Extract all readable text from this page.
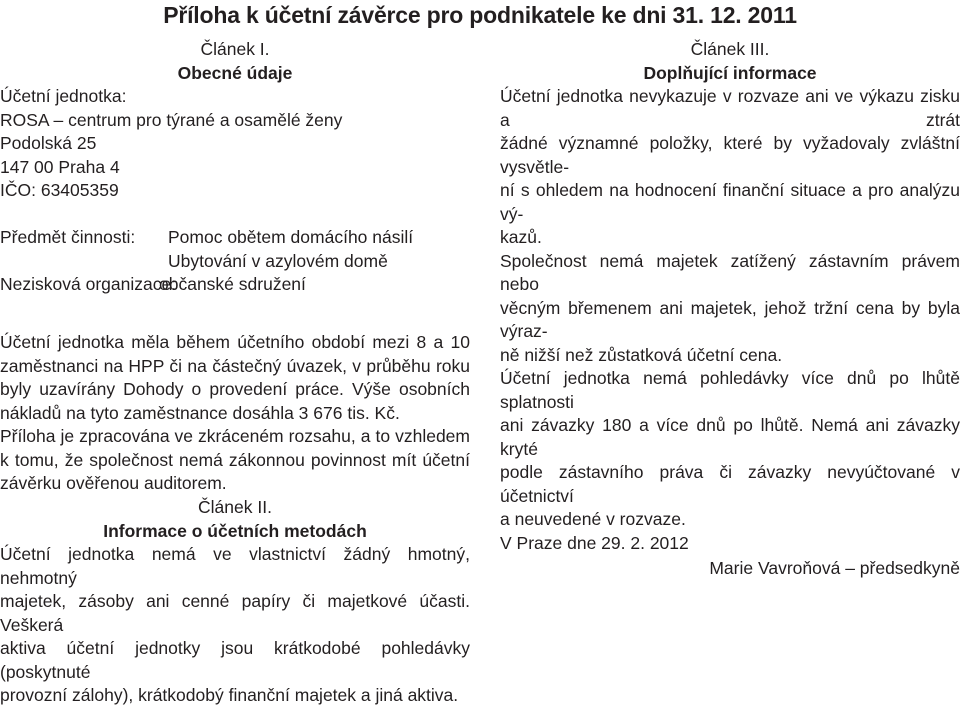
Příloha k účetní závěrce pro podnikatele ke dni 31. 12. 2011
Článek I.
Obecné údaje
Účetní jednotka:
ROSA – centrum pro týrané a osamělé ženy
Podolská 25
147 00 Praha 4
IČO: 63405359
Předmět činnosti:	Pomoc obětem domácího násilí
Ubytování v azylovém domě
Nezisková organizace:
občanské sdružení
Účetní jednotka měla během účetního období mezi 8 a 10
zaměstnanci na HPP či na částečný úvazek, v průběhu roku
byly uzavírány Dohody o provedení práce. Výše osobních
nákladů na tyto zaměstnance dosáhla 3 676 tis. Kč.
Příloha je zpracována ve zkráceném rozsahu, a to vzhledem
k tomu, že společnost nemá zákonnou povinnost mít účetní
závěrku ověřenou auditorem.
Článek II.
Informace o účetních metodách
Účetní jednotka nemá ve vlastnictví žádný hmotný, nehmotný
majetek, zásoby ani cenné papíry či majetkové účasti. Veškerá
aktiva účetní jednotky jsou krátkodobé pohledávky (poskytnuté
provozní zálohy), krátkodobý finanční majetek a jiná aktiva.
Článek III.
Doplňující informace
Účetní jednotka nevykazuje v rozvaze ani ve výkazu zisku a ztrát
žádné významné položky, které by vyžadovaly zvláštní vysvětle-
ní s ohledem na hodnocení finanční situace a pro analýzu vý-
kazů.
Společnost nemá majetek zatížený zástavním právem nebo
věcným břemenem ani majetek, jehož tržní cena by byla výraz-
ně nižší než zůstatková účetní cena.
Účetní jednotka nemá pohledávky více dnů po lhůtě splatnosti
ani závazky 180 a více dnů po lhůtě. Nemá ani závazky kryté
podle zástavního práva či závazky nevyúčtované v účetnictví
a neuvedené v rozvaze.
V Praze dne 29. 2. 2012
Marie Vavroňová – předsedkyně
